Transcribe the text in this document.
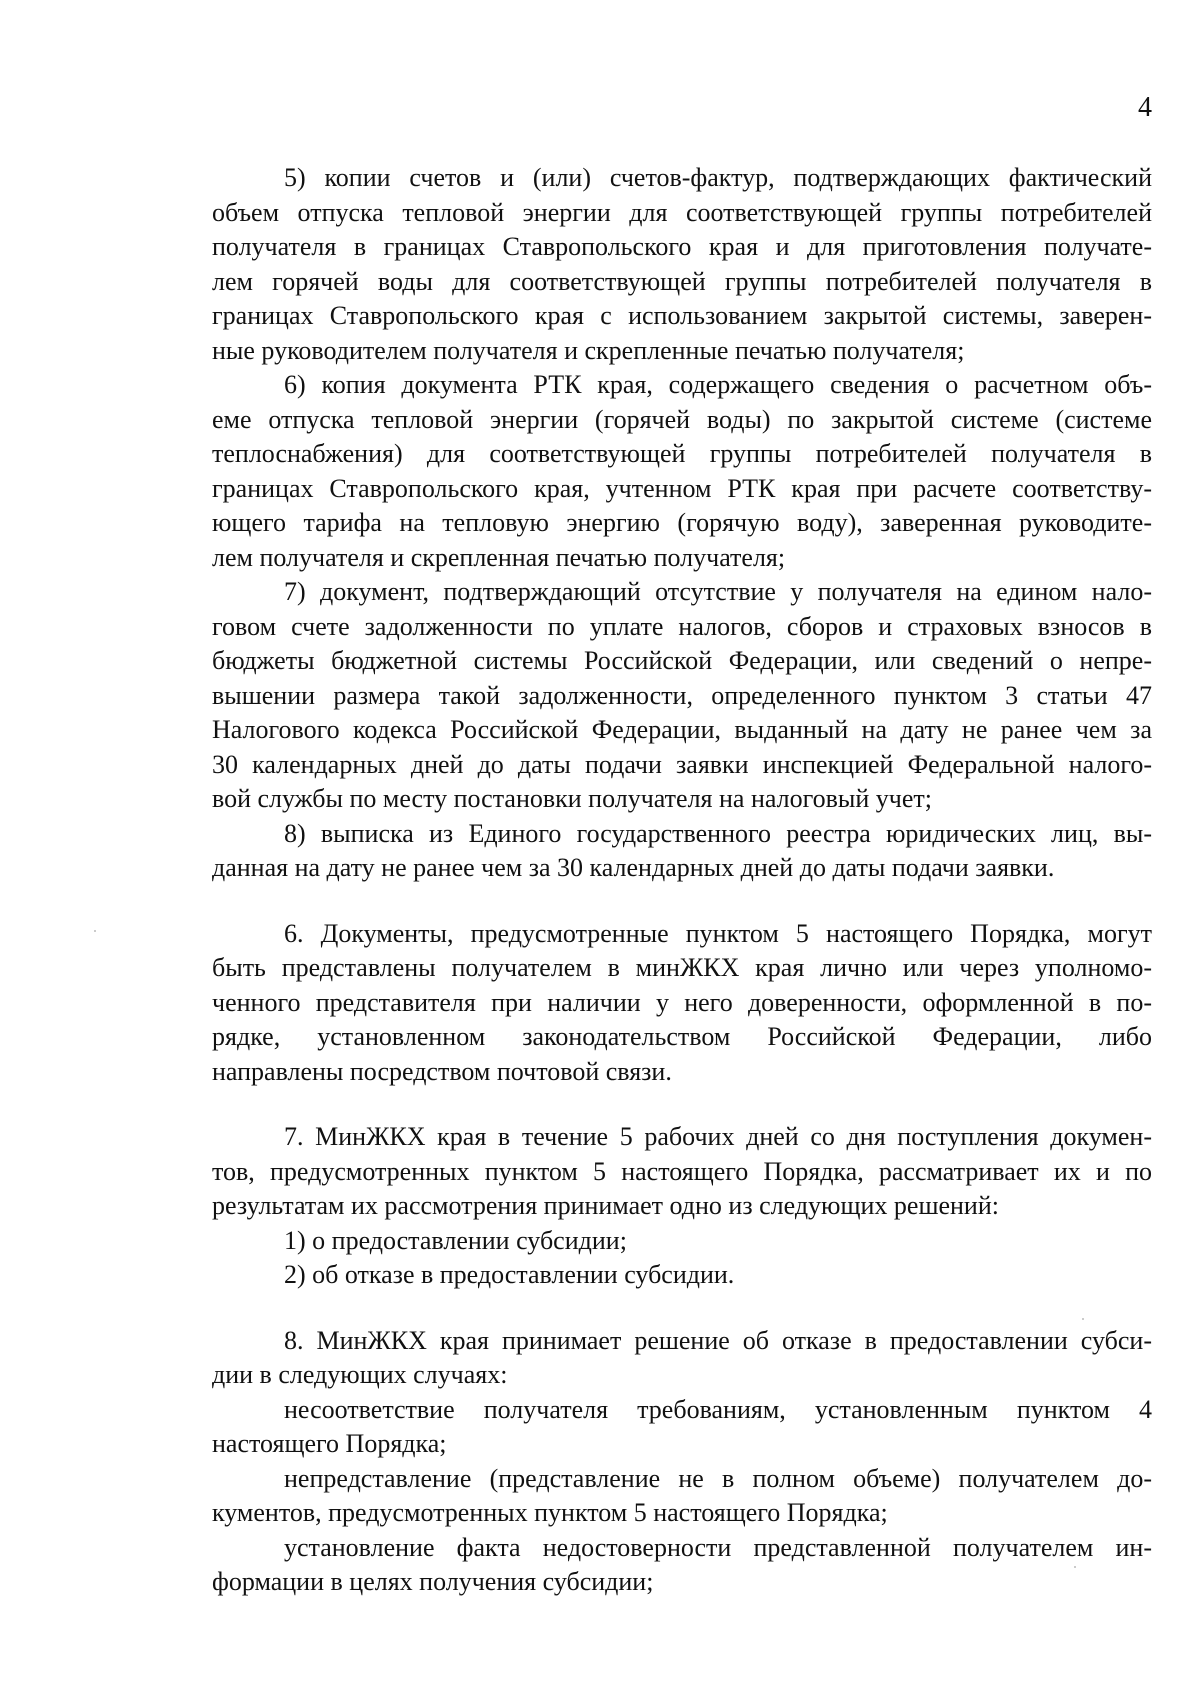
4

5) копии счетов и (или) счетов-фактур, подтверждающих фактический
объем отпуска тепловой энергии для соответствующей группы потребителей
получателя в границах Ставропольского края и для приготовления получате-
лем горячей воды для соответствующей группы потребителей получателя в
границах Ставропольского края с использованием закрытой системы, заверен-
ные руководителем получателя и скрепленные печатью получателя;

6) копия документа РТК края, содержащего сведения о расчетном объ-
еме отпуска тепловой энергии (горячей воды) по закрытой системе (системе
теплоснабжения) для соответствующей группы потребителей получателя в
границах Ставропольского края, учтенном РТК края при расчете соответству-
ющего тарифа на тепловую энергию (горячую воду), заверенная руководите-
лем получателя и скрепленная печатью получателя;

7) документ, подтверждающий отсутствие у получателя на едином нало-
говом счете задолженности по уплате налогов, сборов и страховых взносов в
бюджеты бюджетной системы Российской Федерации, или сведений о непре-
вышении размера такой задолженности, определенного пунктом 3 статьи 47
Налогового кодекса Российской Федерации, выданный на дату не ранее чем за
30 календарных дней до даты подачи заявки инспекцией Федеральной налого-
вой службы по месту постановки получателя на налоговый учет;

8) выписка из Единого государственного реестра юридических лиц, вы-
данная на дату не ранее чем за 30 календарных дней до даты подачи заявки.

6. Документы, предусмотренные пунктом 5 настоящего Порядка, могут
быть представлены получателем в минЖКХ края лично или через уполномо-
ченного представителя при наличии у него доверенности, оформленной в по-
рядке, установленном законодательством Российской Федерации, либо
направлены посредством почтовой связи.

7. МинЖКХ края в течение 5 рабочих дней со дня поступления докумен-
тов, предусмотренных пунктом 5 настоящего Порядка, рассматривает их и по
результатам их рассмотрения принимает одно из следующих решений:

1) о предоставлении субсидии;

2) об отказе в предоставлении субсидии.

8. МинЖКХ края принимает решение об отказе в предоставлении субси-
дии в следующих случаях:

несоответствие получателя требованиям, установленным пунктом 4
настоящего Порядка;

непредставление (представление не в полном объеме) получателем до-
кументов, предусмотренных пунктом 5 настоящего Порядка;

установление факта недостоверности представленной получателем ин-
формации в целях получения субсидии;
